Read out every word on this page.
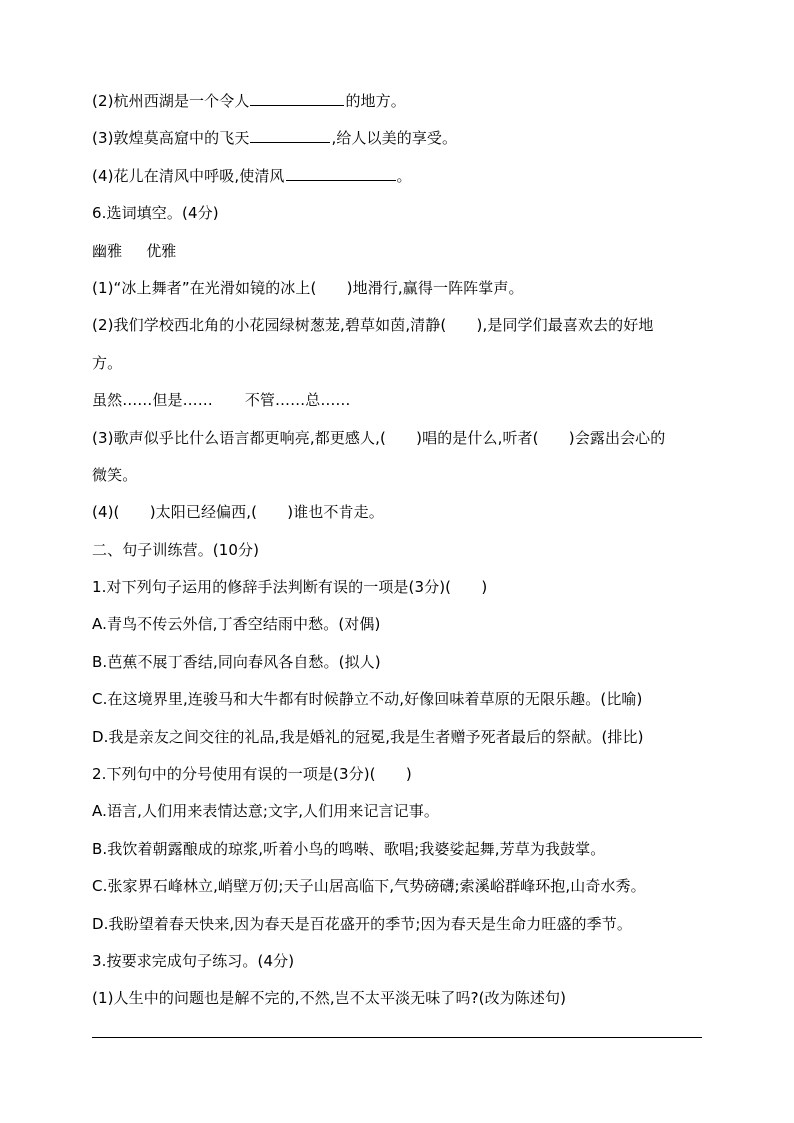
(2)杭州西湖是一个令人	的地方。
(3)敦煌莫高窟中的飞天	,给人以美的享受。
(4)花儿在清风中呼吸,使清风	。
6.选词填空。(4分)
幽雅 优雅
(1)“冰上舞者”在光滑如镜的冰上(　　)地滑行,赢得一阵阵掌声。
(2)我们学校西北角的小花园绿树葱茏,碧草如茵,清静(　　),是同学们最喜欢去的好地
方。
虽然……但是…… 不管……总……
(3)歌声似乎比什么语言都更响亮,都更感人,(　　)唱的是什么,听者(　　)会露出会心的
微笑。
(4)(　　)太阳已经偏西,(　　)谁也不肯走。
二、句子训练营。(10分)
1.对下列句子运用的修辞手法判断有误的一项是(3分)(　　)
A.青鸟不传云外信,丁香空结雨中愁。(对偶)
B.芭蕉不展丁香结,同向春风各自愁。(拟人)
C.在这境界里,连骏马和大牛都有时候静立不动,好像回味着草原的无限乐趣。(比喻)
D.我是亲友之间交往的礼品,我是婚礼的冠冕,我是生者赠予死者最后的祭献。(排比)
2.下列句中的分号使用有误的一项是(3分)(　　)
A.语言,人们用来表情达意;文字,人们用来记言记事。
B.我饮着朝露酿成的琼浆,听着小鸟的鸣啭、歌唱;我婆娑起舞,芳草为我鼓掌。
C.张家界石峰林立,峭壁万仞;天子山居高临下,气势磅礴;索溪峪群峰环抱,山奇水秀。
D.我盼望着春天快来,因为春天是百花盛开的季节;因为春天是生命力旺盛的季节。
3.按要求完成句子练习。(4分)
(1)人生中的问题也是解不完的,不然,岂不太平淡无味了吗?(改为陈述句)
